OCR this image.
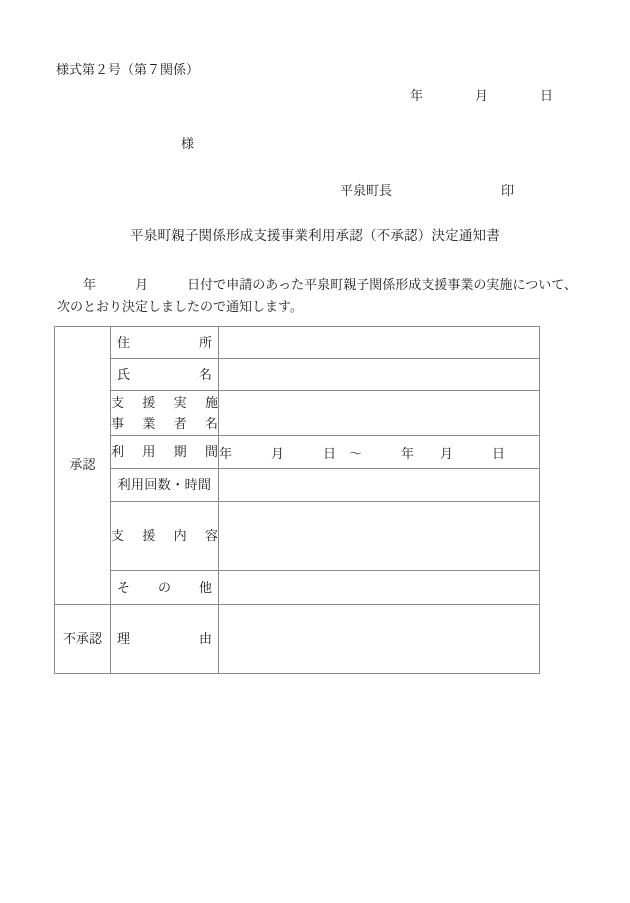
様式第２号（第７関係）
年　　　　月　　　　日
様
平泉町長	印
平泉町親子関係形成支援事業利用承認（不承認）決定通知書
年　　　月　　　日付で申請のあった平泉町親子関係形成支援事業の実施について、次のとおり決定しましたので通知します。
承認	住 所	

	氏 名	

支 援 実 施
事 業 者 名

	利 用 期 間	年　　　月　　　日　～　　　年　　月　　　日

	利用回数・時間	

	支 援 内 容	

	そ の 他	

不承認	理 由	
